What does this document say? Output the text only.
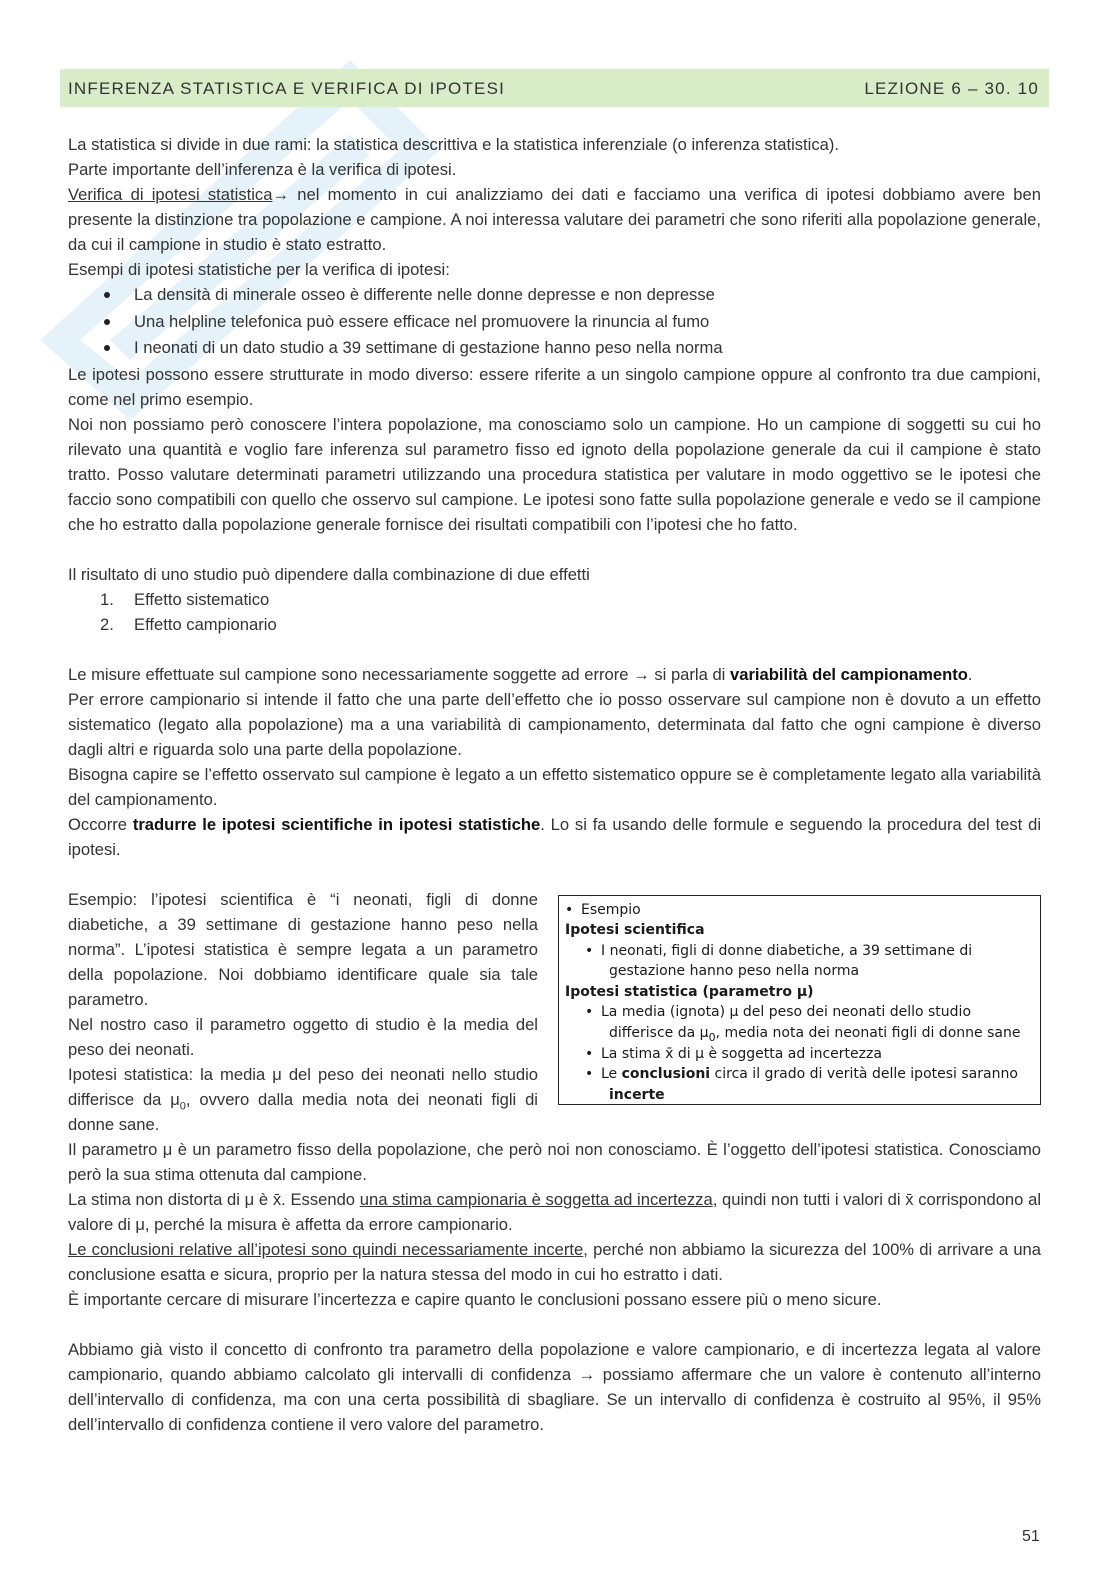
INFERENZA STATISTICA E VERIFICA DI IPOTESI	LEZIONE 6 – 30. 10

La statistica si divide in due rami: la statistica descrittiva e la statistica inferenziale (o inferenza statistica).

Parte importante dell’inferenza è la verifica di ipotesi.

Verifica di ipotesi statistica→ nel momento in cui analizziamo dei dati e facciamo una verifica di ipotesi dobbiamo avere ben presente la distinzione tra popolazione e campione. A noi interessa valutare dei parametri che sono riferiti alla popolazione generale, da cui il campione in studio è stato estratto.

Esempi di ipotesi statistiche per la verifica di ipotesi:

La densità di minerale osseo è differente nelle donne depresse e non depresse
Una helpline telefonica può essere efficace nel promuovere la rinuncia al fumo
I neonati di un dato studio a 39 settimane di gestazione hanno peso nella norma

Le ipotesi possono essere strutturate in modo diverso: essere riferite a un singolo campione oppure al confronto tra due campioni, come nel primo esempio.

Noi non possiamo però conoscere l’intera popolazione, ma conosciamo solo un campione. Ho un campione di soggetti su cui ho rilevato una quantità e voglio fare inferenza sul parametro fisso ed ignoto della popolazione generale da cui il campione è stato tratto. Posso valutare determinati parametri utilizzando una procedura statistica per valutare in modo oggettivo se le ipotesi che faccio sono compatibili con quello che osservo sul campione. Le ipotesi sono fatte sulla popolazione generale e vedo se il campione che ho estratto dalla popolazione generale fornisce dei risultati compatibili con l’ipotesi che ho fatto.

Il risultato di uno studio può dipendere dalla combinazione di due effetti

1. Effetto sistematico
2. Effetto campionario

Le misure effettuate sul campione sono necessariamente soggette ad errore → si parla di variabilità del campionamento.

Per errore campionario si intende il fatto che una parte dell’effetto che io posso osservare sul campione non è dovuto a un effetto sistematico (legato alla popolazione) ma a una variabilità di campionamento, determinata dal fatto che ogni campione è diverso dagli altri e riguarda solo una parte della popolazione.

Bisogna capire se l’effetto osservato sul campione è legato a un effetto sistematico oppure se è completamente legato alla variabilità del campionamento.

Occorre tradurre le ipotesi scientifiche in ipotesi statistiche. Lo si fa usando delle formule e seguendo la procedura del test di ipotesi.

Esempio: l’ipotesi scientifica è “i neonati, figli di donne diabetiche, a 39 settimane di gestazione hanno peso nella norma”. L’ipotesi statistica è sempre legata a un parametro della popolazione. Noi dobbiamo identificare quale sia tale parametro.

Nel nostro caso il parametro oggetto di studio è la media del peso dei neonati.

Ipotesi statistica: la media μ del peso dei neonati nello studio differisce da $\mu_0$, ovvero dalla media nota dei neonati figli di donne sane.

• Esempio
Ipotesi scientifica
• I neonati, figli di donne diabetiche, a 39 settimane di
gestazione hanno peso nella norma
Ipotesi statistica (parametro μ)
• La media (ignota) μ del peso dei neonati dello studio
differisce da $\mu_0$, media nota dei neonati figli di donne sane
• La stima x̄ di μ è soggetta ad incertezza
• Le conclusioni circa il grado di verità delle ipotesi saranno
incerte

Il parametro μ è un parametro fisso della popolazione, che però noi non conosciamo. È l’oggetto dell’ipotesi statistica. Conosciamo però la sua stima ottenuta dal campione.

La stima non distorta di μ è x̄. Essendo una stima campionaria è soggetta ad incertezza, quindi non tutti i valori di x̄ corrispondono al valore di μ, perché la misura è affetta da errore campionario.

Le conclusioni relative all’ipotesi sono quindi necessariamente incerte, perché non abbiamo la sicurezza del 100% di arrivare a una conclusione esatta e sicura, proprio per la natura stessa del modo in cui ho estratto i dati.

È importante cercare di misurare l’incertezza e capire quanto le conclusioni possano essere più o meno sicure.

Abbiamo già visto il concetto di confronto tra parametro della popolazione e valore campionario, e di incertezza legata al valore campionario, quando abbiamo calcolato gli intervalli di confidenza → possiamo affermare che un valore è contenuto all’interno dell’intervallo di confidenza, ma con una certa possibilità di sbagliare. Se un intervallo di confidenza è costruito al 95%, il 95% dell’intervallo di confidenza contiene il vero valore del parametro.

51
